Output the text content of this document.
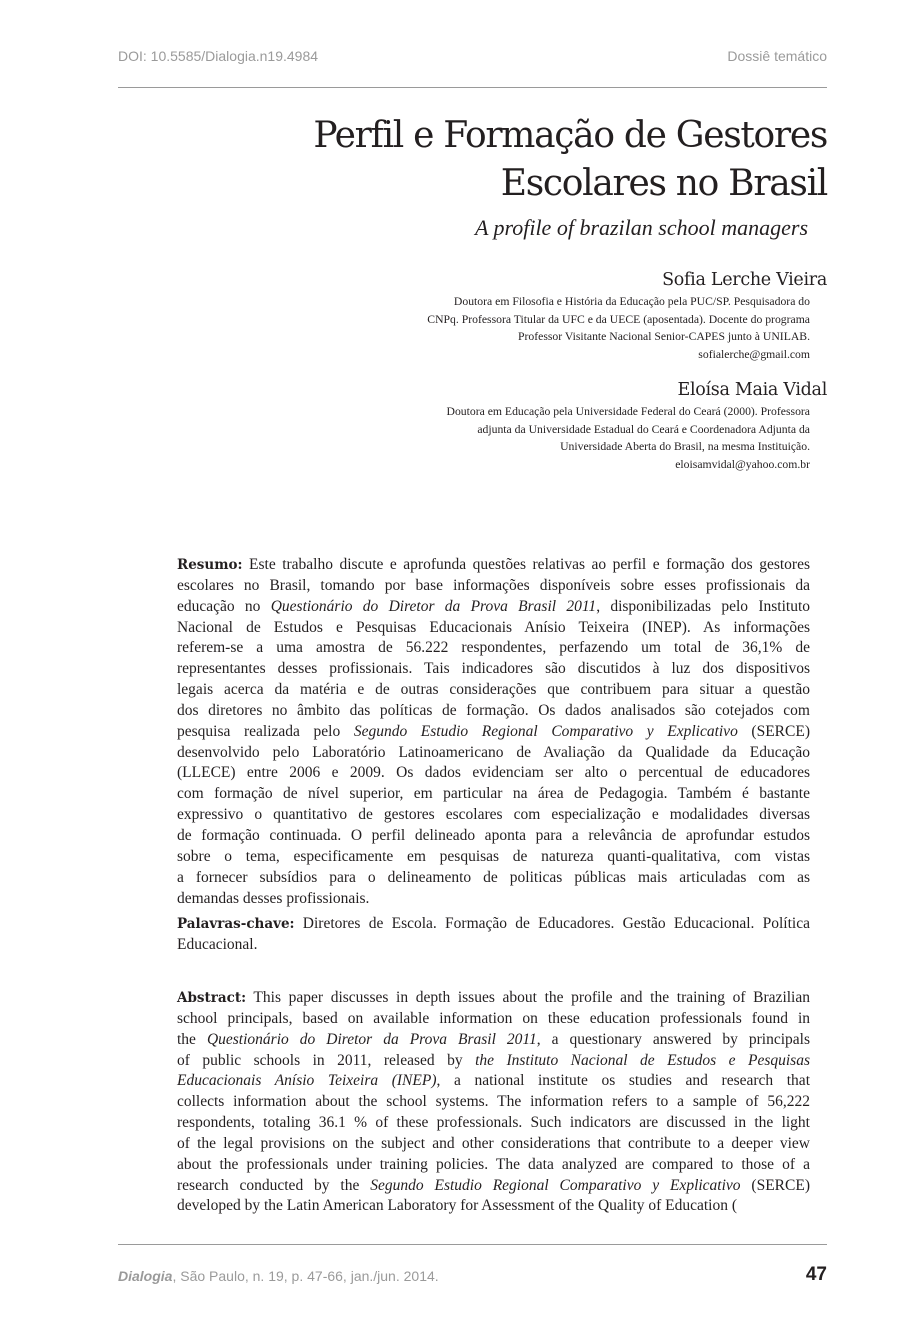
DOI: 10.5585/Dialogia.n19.4984	Dossiê temático
Perfil e Formação de Gestores
Escolares no Brasil
A profile of brazilan school managers
Sofia Lerche Vieira
Doutora em Filosofia e História da Educação pela PUC/SP. Pesquisadora do
CNPq. Professora Titular da UFC e da UECE (aposentada). Docente do programa
Professor Visitante Nacional Senior-CAPES junto à UNILAB.
sofialerche@gmail.com
Eloísa Maia Vidal
Doutora em Educação pela Universidade Federal do Ceará (2000). Professora
adjunta da Universidade Estadual do Ceará e Coordenadora Adjunta da
Universidade Aberta do Brasil, na mesma Instituição.
eloisamvidal@yahoo.com.br
Resumo: Este trabalho discute e aprofunda questões relativas ao perfil e formação dos gestores
escolares no Brasil, tomando por base informações disponíveis sobre esses profissionais da
educação no Questionário do Diretor da Prova Brasil 2011, disponibilizadas pelo Instituto
Nacional de Estudos e Pesquisas Educacionais Anísio Teixeira (INEP). As informações
referem-se a uma amostra de 56.222 respondentes, perfazendo um total de 36,1% de
representantes desses profissionais. Tais indicadores são discutidos à luz dos dispositivos
legais acerca da matéria e de outras considerações que contribuem para situar a questão
dos diretores no âmbito das políticas de formação. Os dados analisados são cotejados com
pesquisa realizada pelo Segundo Estudio Regional Comparativo y Explicativo (SERCE)
desenvolvido pelo Laboratório Latinoamericano de Avaliação da Qualidade da Educação
(LLECE) entre 2006 e 2009. Os dados evidenciam ser alto o percentual de educadores
com formação de nível superior, em particular na área de Pedagogia. Também é bastante
expressivo o quantitativo de gestores escolares com especialização e modalidades diversas
de formação continuada. O perfil delineado aponta para a relevância de aprofundar estudos
sobre o tema, especificamente em pesquisas de natureza quanti-qualitativa, com vistas
a fornecer subsídios para o delineamento de politicas públicas mais articuladas com as
demandas desses profissionais.
Palavras-chave: Diretores de Escola. Formação de Educadores. Gestão Educacional. Política
Educacional.
Abstract: This paper discusses in depth issues about the profile and the training of Brazilian
school principals, based on available information on these education professionals found in
the Questionário do Diretor da Prova Brasil 2011, a questionary answered by principals
of public schools in 2011, released by the Instituto Nacional de Estudos e Pesquisas
Educacionais Anísio Teixeira (INEP), a national institute os studies and research that
collects information about the school systems. The information refers to a sample of 56,222
respondents, totaling 36.1 % of these professionals. Such indicators are discussed in the light
of the legal provisions on the subject and other considerations that contribute to a deeper view
about the professionals under training policies. The data analyzed are compared to those of a
research conducted by the Segundo Estudio Regional Comparativo y Explicativo (SERCE)
developed by the Latin American Laboratory for Assessment of the Quality of Education (
Dialogia, São Paulo, n. 19, p. 47-66, jan./jun. 2014.	47
